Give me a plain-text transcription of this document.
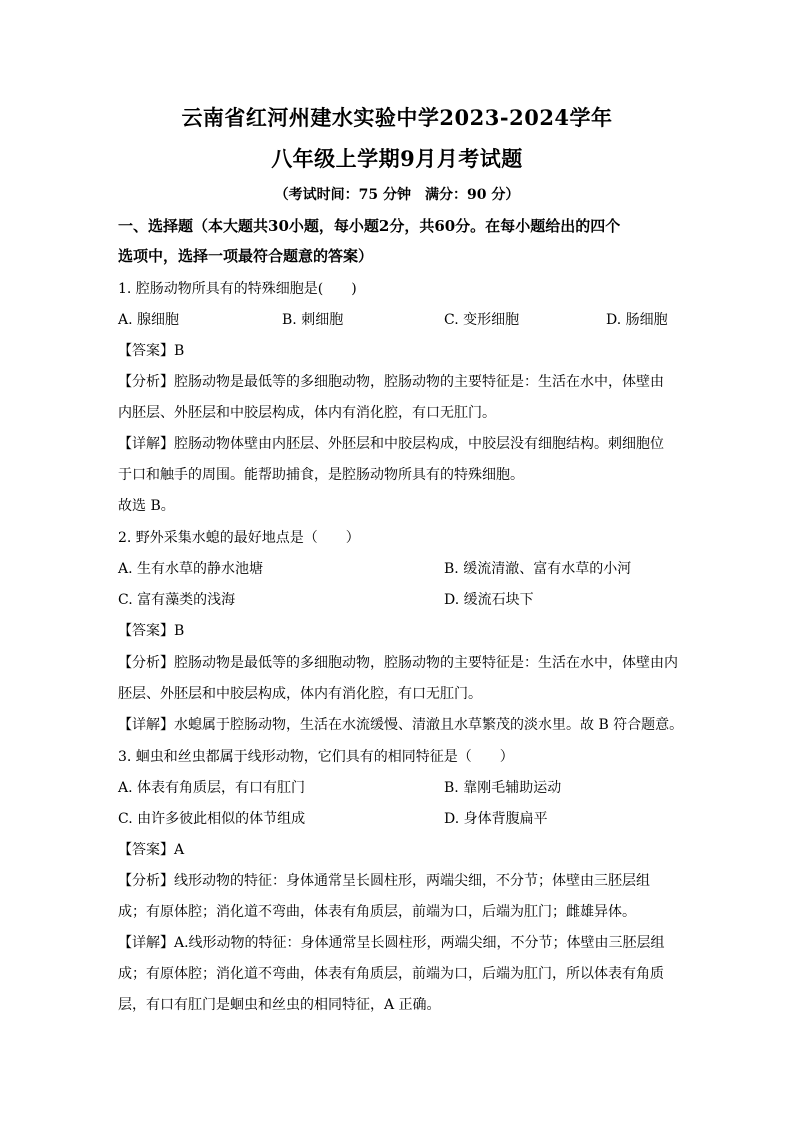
云南省红河州建水实验中学2023-2024学年
八年级上学期9月月考试题
（考试时间：75 分钟　满分：90 分）
一、选择题（本大题共30小题，每小题2分，共60分。在每小题给出的四个
选项中，选择一项最符合题意的答案）
1. 腔肠动物所具有的特殊细胞是(　　)
A. 腺细胞	B. 刺细胞	C. 变形细胞	D. 肠细胞
【答案】B
【分析】腔肠动物是最低等的多细胞动物，腔肠动物的主要特征是：生活在水中，体壁由
内胚层、外胚层和中胶层构成，体内有消化腔，有口无肛门。
【详解】腔肠动物体壁由内胚层、外胚层和中胶层构成，中胶层没有细胞结构。刺细胞位
于口和触手的周围。能帮助捕食，是腔肠动物所具有的特殊细胞。
故选 B。
2. 野外采集水螅的最好地点是（　　）
A. 生有水草的静水池塘	B. 缓流清澈、富有水草的小河
C. 富有藻类的浅海	D. 缓流石块下
【答案】B
【分析】腔肠动物是最低等的多细胞动物，腔肠动物的主要特征是：生活在水中，体壁由内
胚层、外胚层和中胶层构成，体内有消化腔，有口无肛门。
【详解】水螅属于腔肠动物，生活在水流缓慢、清澈且水草繁茂的淡水里。故 B 符合题意。
3. 蛔虫和丝虫都属于线形动物，它们具有的相同特征是（　　）
A. 体表有角质层，有口有肛门	B. 靠刚毛辅助运动
C. 由许多彼此相似的体节组成	D. 身体背腹扁平
【答案】A
【分析】线形动物的特征：身体通常呈长圆柱形，两端尖细，不分节；体壁由三胚层组
成；有原体腔；消化道不弯曲，体表有角质层，前端为口，后端为肛门；雌雄异体。
【详解】A.线形动物的特征：身体通常呈长圆柱形，两端尖细，不分节；体壁由三胚层组
成；有原体腔；消化道不弯曲，体表有角质层，前端为口，后端为肛门，所以体表有角质
层，有口有肛门是蛔虫和丝虫的相同特征，A 正确。
